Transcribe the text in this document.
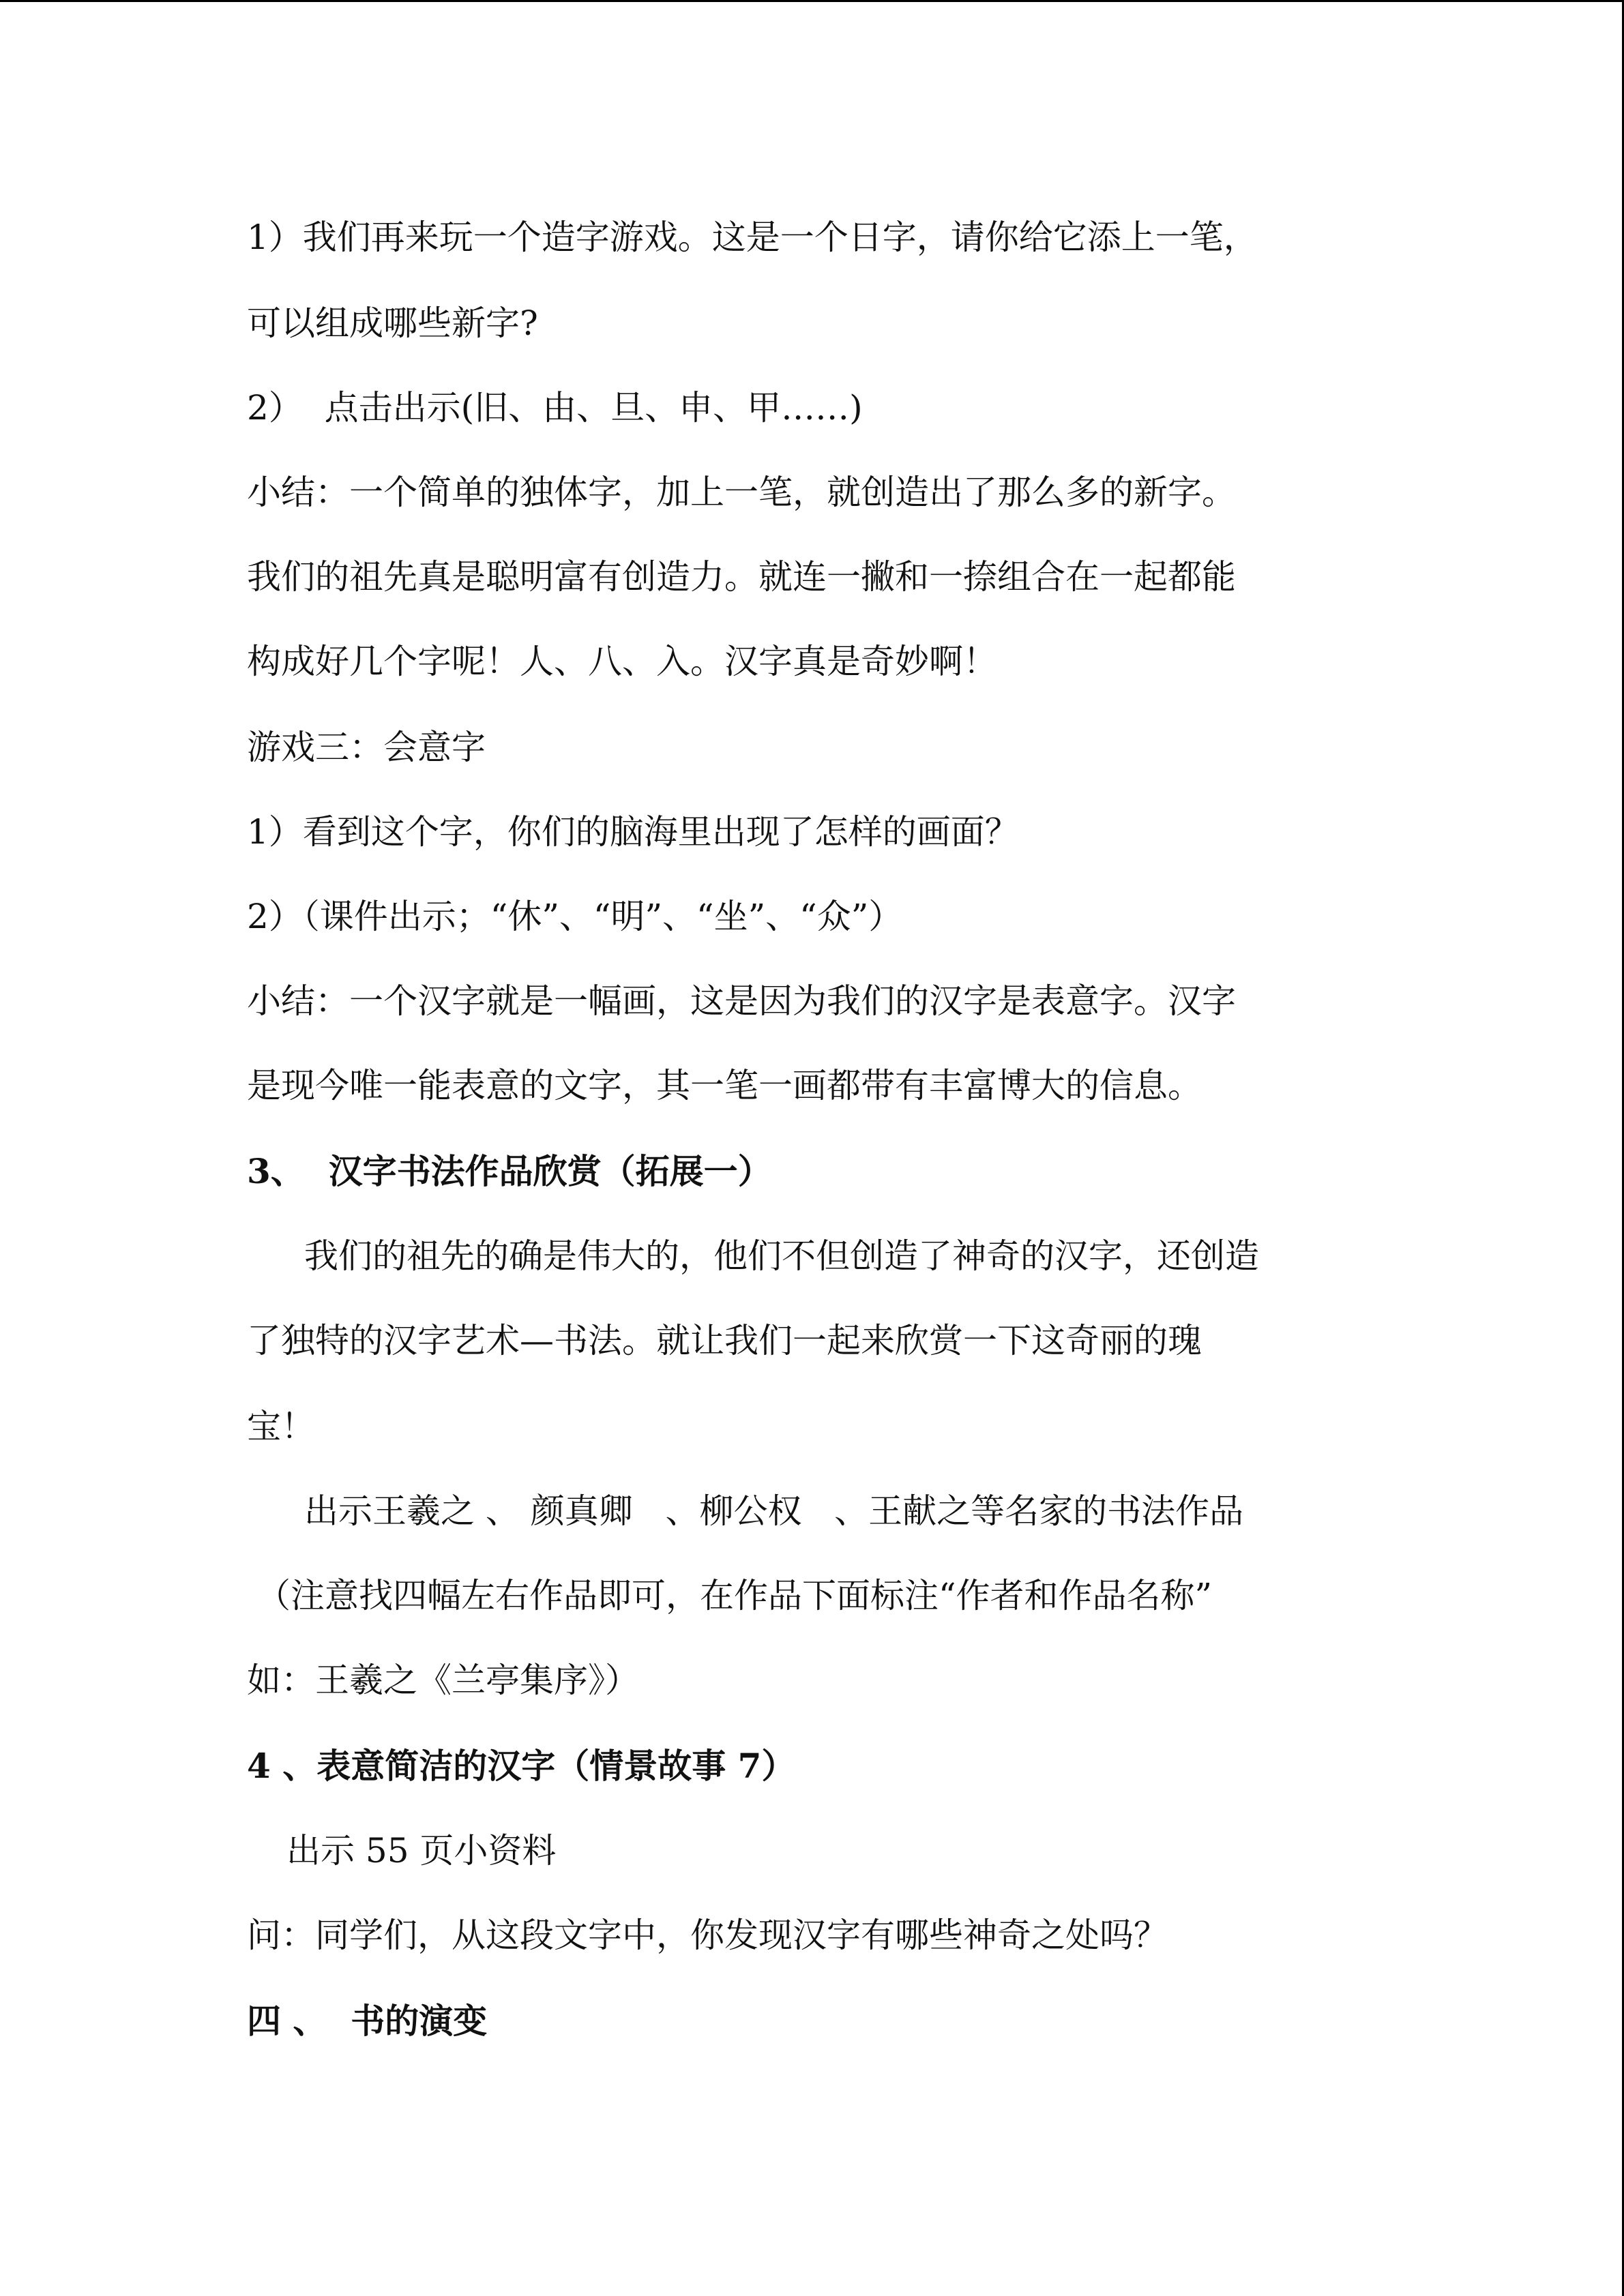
1）我们再来玩一个造字游戏。这是一个日字，请你给它添上一笔，
可以组成哪些新字?
2）  点击出示(旧、由、旦、申、甲……)
小结：一个简单的独体字，加上一笔，就创造出了那么多的新字。
我们的祖先真是聪明富有创造力。就连一撇和一捺组合在一起都能
构成好几个字呢！人、八、入。汉字真是奇妙啊！
游戏三：会意字
1）看到这个字，你们的脑海里出现了怎样的画面？
2）（课件出示；“休”、“明”、“坐”、“众”）
小结：一个汉字就是一幅画，这是因为我们的汉字是表意字。汉字
是现今唯一能表意的文字，其一笔一画都带有丰富博大的信息。
3、  汉字书法作品欣赏（拓展一）
我们的祖先的确是伟大的，他们不但创造了神奇的汉字，还创造
了独特的汉字艺术—书法。就让我们一起来欣赏一下这奇丽的瑰
宝！
出示王羲之 、 颜真卿   、柳公权   、王献之等名家的书法作品
（注意找四幅左右作品即可，在作品下面标注“作者和作品名称”
如：王羲之《兰亭集序》）
4 、表意简洁的汉字（情景故事 7）
出示 55 页小资料
问：同学们，从这段文字中，你发现汉字有哪些神奇之处吗？
四 、  书的演变
